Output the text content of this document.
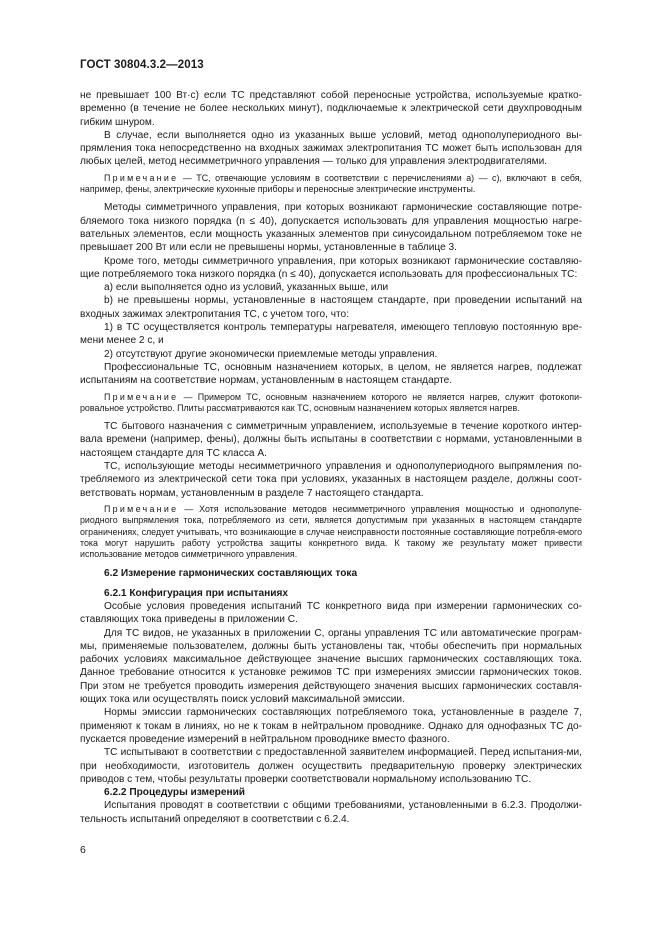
ГОСТ 30804.3.2—2013

не превышает 100 Вт·с) если ТС представляют собой переносные устройства, используемые кратко-временно (в течение не более нескольких минут), подключаемые к электрической сети двухпроводным гибким шнуром.

В случае, если выполняется одно из указанных выше условий, метод однополупериодного вы-прямления тока непосредственно на входных зажимах электропитания ТС может быть использован для любых целей, метод несимметричного управления — только для управления электродвигателями.

Примечание — ТС, отвечающие условиям в соответствии с перечислениями а) — с), включают в себя, например, фены, электрические кухонные приборы и переносные электрические инструменты.

Методы симметричного управления, при которых возникают гармонические составляющие потре-бляемого тока низкого порядка (n ≤ 40), допускается использовать для управления мощностью нагре-вательных элементов, если мощность указанных элементов при синусоидальном потребляемом токе не превышает 200 Вт или если не превышены нормы, установленные в таблице 3.

Кроме того, методы симметричного управления, при которых возникают гармонические составляю-щие потребляемого тока низкого порядка (n ≤ 40), допускается использовать для профессиональных ТС:

а) если выполняется одно из условий, указанных выше, или

b) не превышены нормы, установленные в настоящем стандарте, при проведении испытаний на входных зажимах электропитания ТС, с учетом того, что:

1) в ТС осуществляется контроль температуры нагревателя, имеющего тепловую постоянную вре-мени менее 2 с, и

2) отсутствуют другие экономически приемлемые методы управления.

Профессиональные ТС, основным назначением которых, в целом, не является нагрев, подлежат испытаниям на соответствие нормам, установленным в настоящем стандарте.

Примечание — Примером ТС, основным назначением которого не является нагрев, служит фотокопи-ровальное устройство. Плиты рассматриваются как ТС, основным назначением которых является нагрев.

ТС бытового назначения с симметричным управлением, используемые в течение короткого интер-вала времени (например, фены), должны быть испытаны в соответствии с нормами, установленными в настоящем стандарте для ТС класса А.

ТС, использующие методы несимметричного управления и однополупериодного выпрямления по-требляемого из электрической сети тока при условиях, указанных в настоящем разделе, должны соот-ветствовать нормам, установленным в разделе 7 настоящего стандарта.

Примечание — Хотя использование методов несимметричного управления мощностью и однополупе-риодного выпрямления тока, потребляемого из сети, является допустимым при указанных в настоящем стандарте ограничениях, следует учитывать, что возникающие в случае неисправности постоянные составляющие потребля-емого тока могут нарушить работу устройства защиты конкретного вида. К такому же результату может привести использование методов симметричного управления.

6.2 Измерение гармонических составляющих тока

6.2.1 Конфигурация при испытаниях

Особые условия проведения испытаний ТС конкретного вида при измерении гармонических со-ставляющих тока приведены в приложении С.

Для ТС видов, не указанных в приложении С, органы управления ТС или автоматические програм-мы, применяемые пользователем, должны быть установлены так, чтобы обеспечить при нормальных рабочих условиях максимальное действующее значение высших гармонических составляющих тока. Данное требование относится к установке режимов ТС при измерениях эмиссии гармонических токов. При этом не требуется проводить измерения действующего значения высших гармонических составля-ющих тока или осуществлять поиск условий максимальной эмиссии.

Нормы эмиссии гармонических составляющих потребляемого тока, установленные в разделе 7, применяют к токам в линиях, но не к токам в нейтральном проводнике. Однако для однофазных ТС до-пускается проведение измерений в нейтральном проводнике вместо фазного.

ТС испытывают в соответствии с предоставленной заявителем информацией. Перед испытания-ми, при необходимости, изготовитель должен осуществить предварительную проверку электрических приводов с тем, чтобы результаты проверки соответствовали нормальному использованию ТС.

6.2.2 Процедуры измерений

Испытания проводят в соответствии с общими требованиями, установленными в 6.2.3. Продолжи-тельность испытаний определяют в соответствии с 6.2.4.

6
